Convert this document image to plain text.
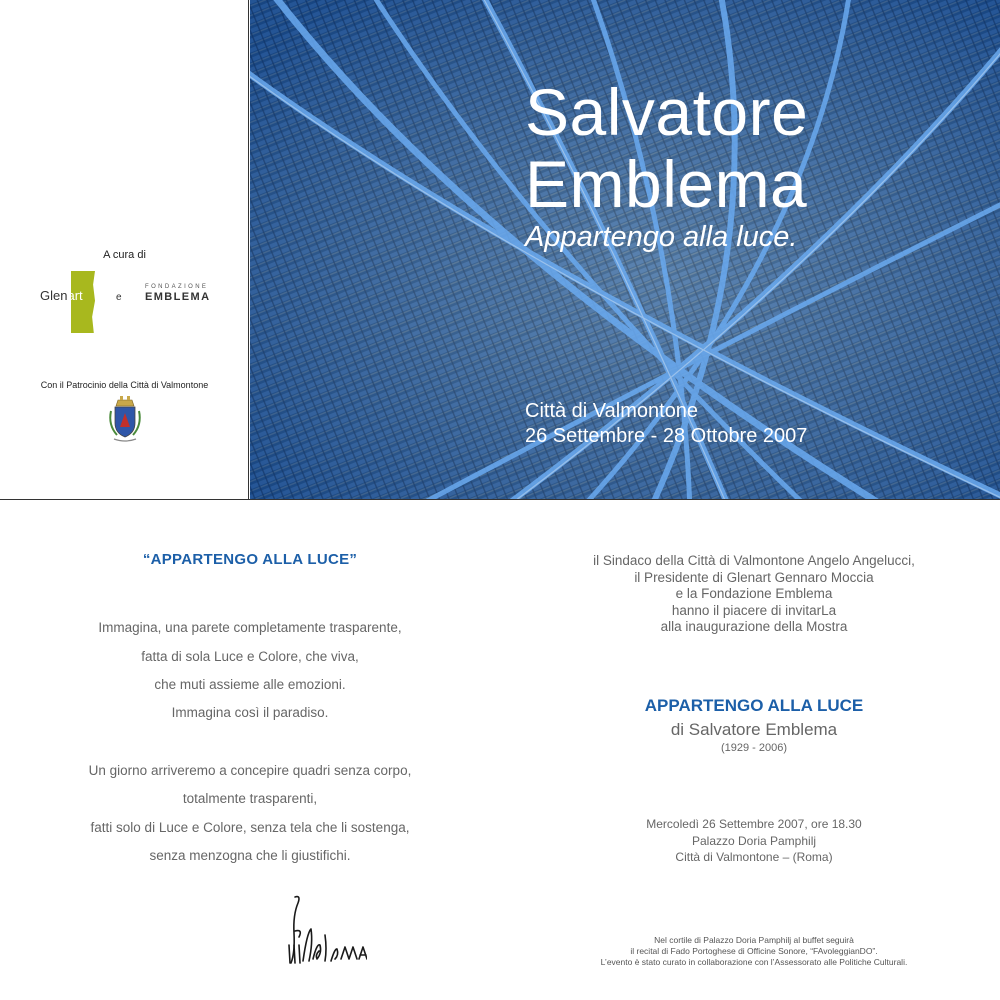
A cura di
Glenart	e
FONDAZIONE
EMBLEMA
Con il Patrocinio della Città di Valmontone
Salvatore
Emblema
Appartengo alla luce.
Città di Valmontone
26 Settembre - 28 Ottobre 2007
“APPARTENGO ALLA LUCE”
Immagina, una parete completamente trasparente,
fatta di sola Luce e Colore, che viva,
che muti assieme alle emozioni.
Immagina così il paradiso.
Un giorno arriveremo a concepire quadri senza corpo,
totalmente trasparenti,
fatti solo di Luce e Colore, senza tela che li sostenga,
senza menzogna che li giustifichi.
il Sindaco della Città di Valmontone Angelo Angelucci,
il Presidente di Glenart Gennaro Moccia
e la Fondazione Emblema
hanno il piacere di invitarLa
alla inaugurazione della Mostra
APPARTENGO ALLA LUCE
di Salvatore Emblema
(1929 - 2006)
Mercoledì 26 Settembre 2007, ore 18.30
Palazzo Doria Pamphilj
Città di Valmontone – (Roma)
Nel cortile di Palazzo Doria Pamphilj al buffet seguirà
il recital di Fado Portoghese di Officine Sonore, “FAvoleggianDO”.
L’evento è stato curato in collaborazione con l’Assessorato alle Politiche Culturali.
